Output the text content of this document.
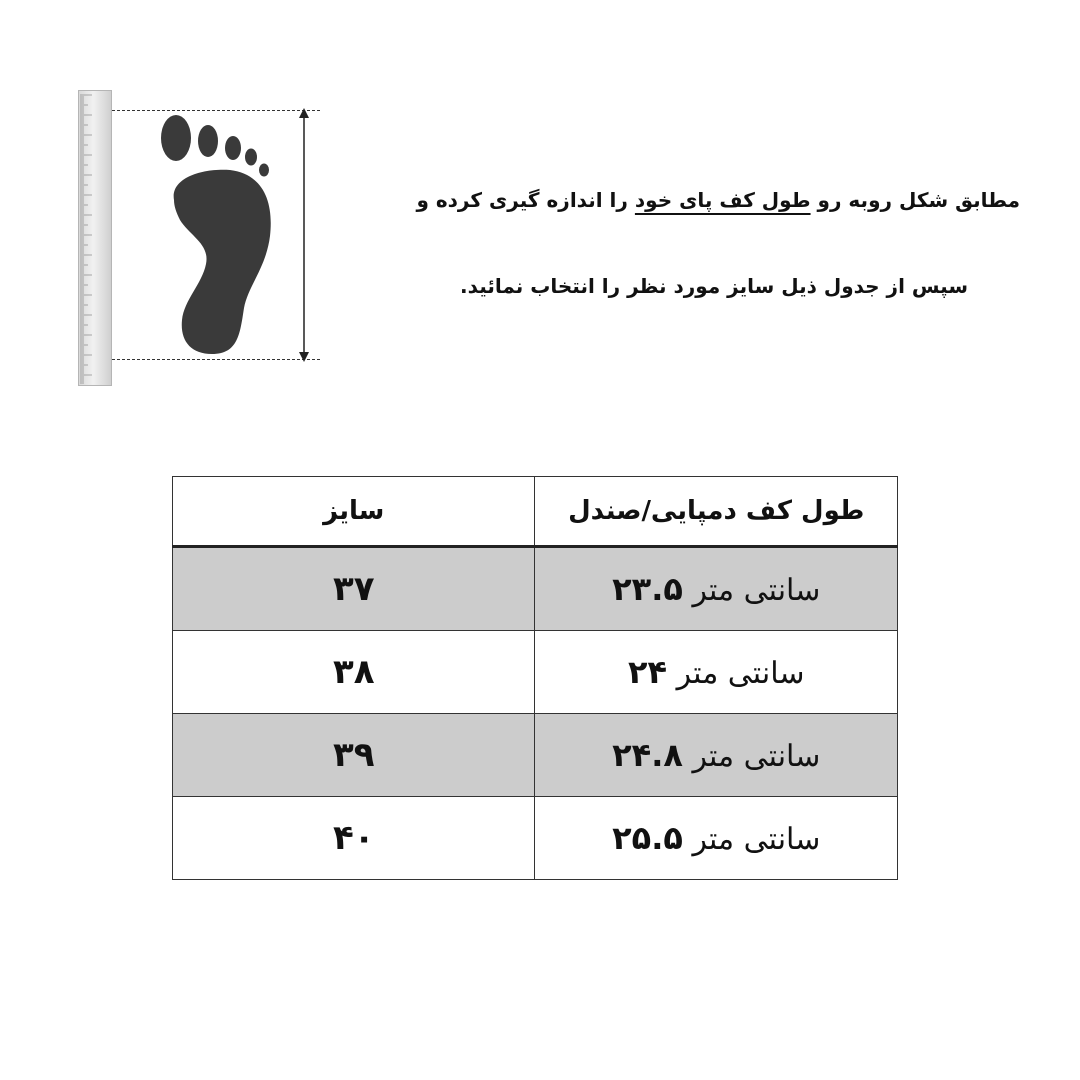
مطابق شکل روبه رو طول کف پای خود را اندازه گیری کرده و
سپس از جدول ذیل سایز مورد نظر را انتخاب نمائید.
طول کف دمپایی/صندل	سایز
سانتی متر ۲۳.۵	۳۷
سانتی متر ۲۴	۳۸
سانتی متر ۲۴.۸	۳۹
سانتی متر ۲۵.۵	۴۰
